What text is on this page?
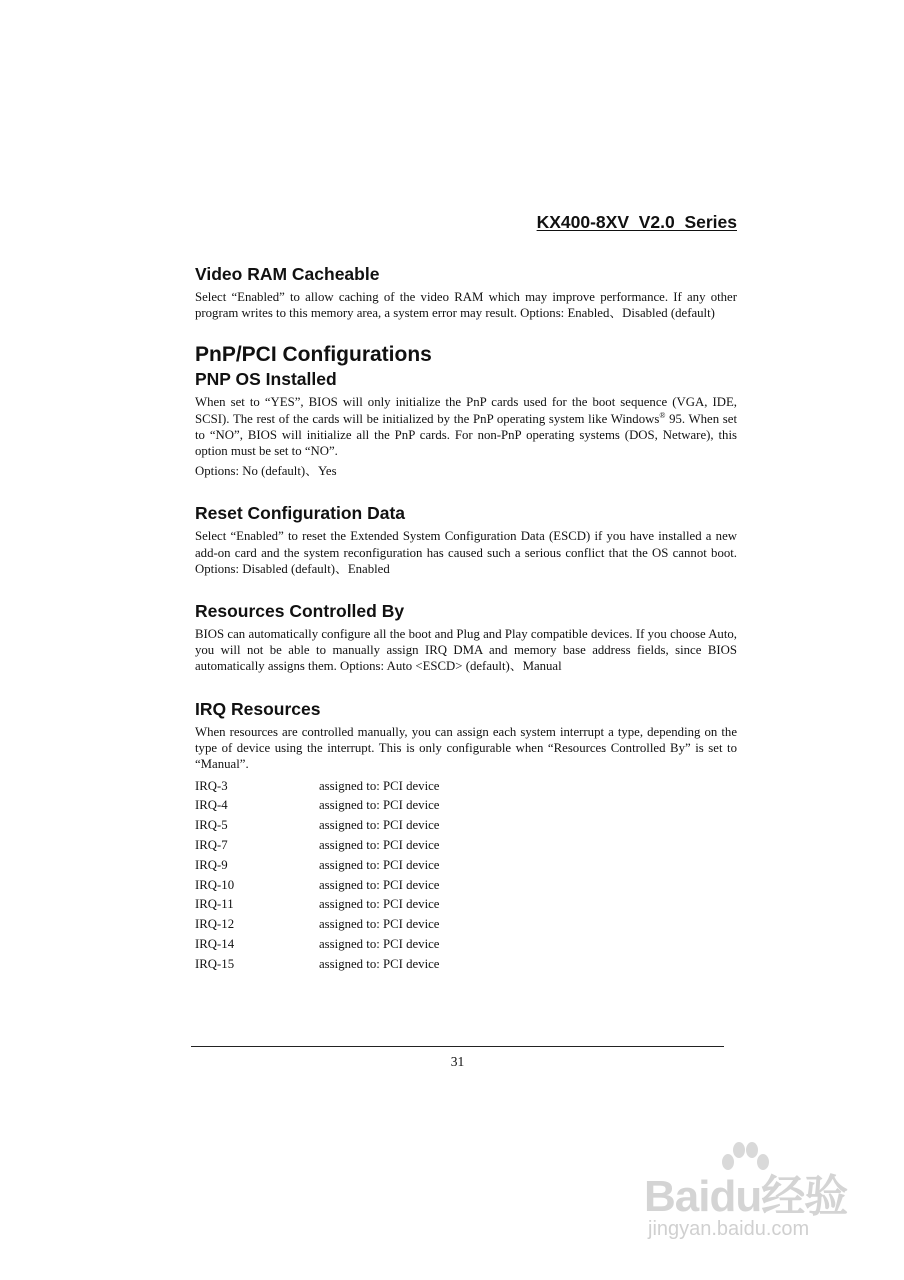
KX400-8XV  V2.0  Series
Video RAM Cacheable

Select “Enabled” to allow caching of the video RAM which may improve performance. If any other program writes to this memory area, a system error may result. Options: Enabled、Disabled (default)

PnP/PCI Configurations
PNP OS Installed

When set to “YES”, BIOS will only initialize the PnP cards used for the boot sequence (VGA, IDE, SCSI). The rest of the cards will be initialized by the PnP operating system like Windows® 95. When set to “NO”, BIOS will initialize all the PnP cards. For non-PnP operating systems (DOS, Netware), this option must be set to “NO”.

Options: No (default)、Yes

Reset Configuration Data

Select “Enabled” to reset the Extended System Configuration Data (ESCD) if you have installed a new add-on card and the system reconfiguration has caused such a serious conflict that the OS cannot boot. Options: Disabled (default)、Enabled

Resources Controlled By

BIOS can automatically configure all the boot and Plug and Play compatible devices. If you choose Auto, you will not be able to manually assign IRQ DMA and memory base address fields, since BIOS automatically assigns them. Options: Auto <ESCD> (default)、Manual

IRQ Resources

When resources are controlled manually, you can assign each system interrupt a type, depending on the type of device using the interrupt. This is only configurable when “Resources Controlled By” is set to “Manual”.

IRQ-3	assigned to: PCI device
IRQ-4	assigned to: PCI device
IRQ-5	assigned to: PCI device
IRQ-7	assigned to: PCI device
IRQ-9	assigned to: PCI device
IRQ-10	assigned to: PCI device
IRQ-11	assigned to: PCI device
IRQ-12	assigned to: PCI device
IRQ-14	assigned to: PCI device
IRQ-15	assigned to: PCI device
31
Baidu经验
jingyan.baidu.com
